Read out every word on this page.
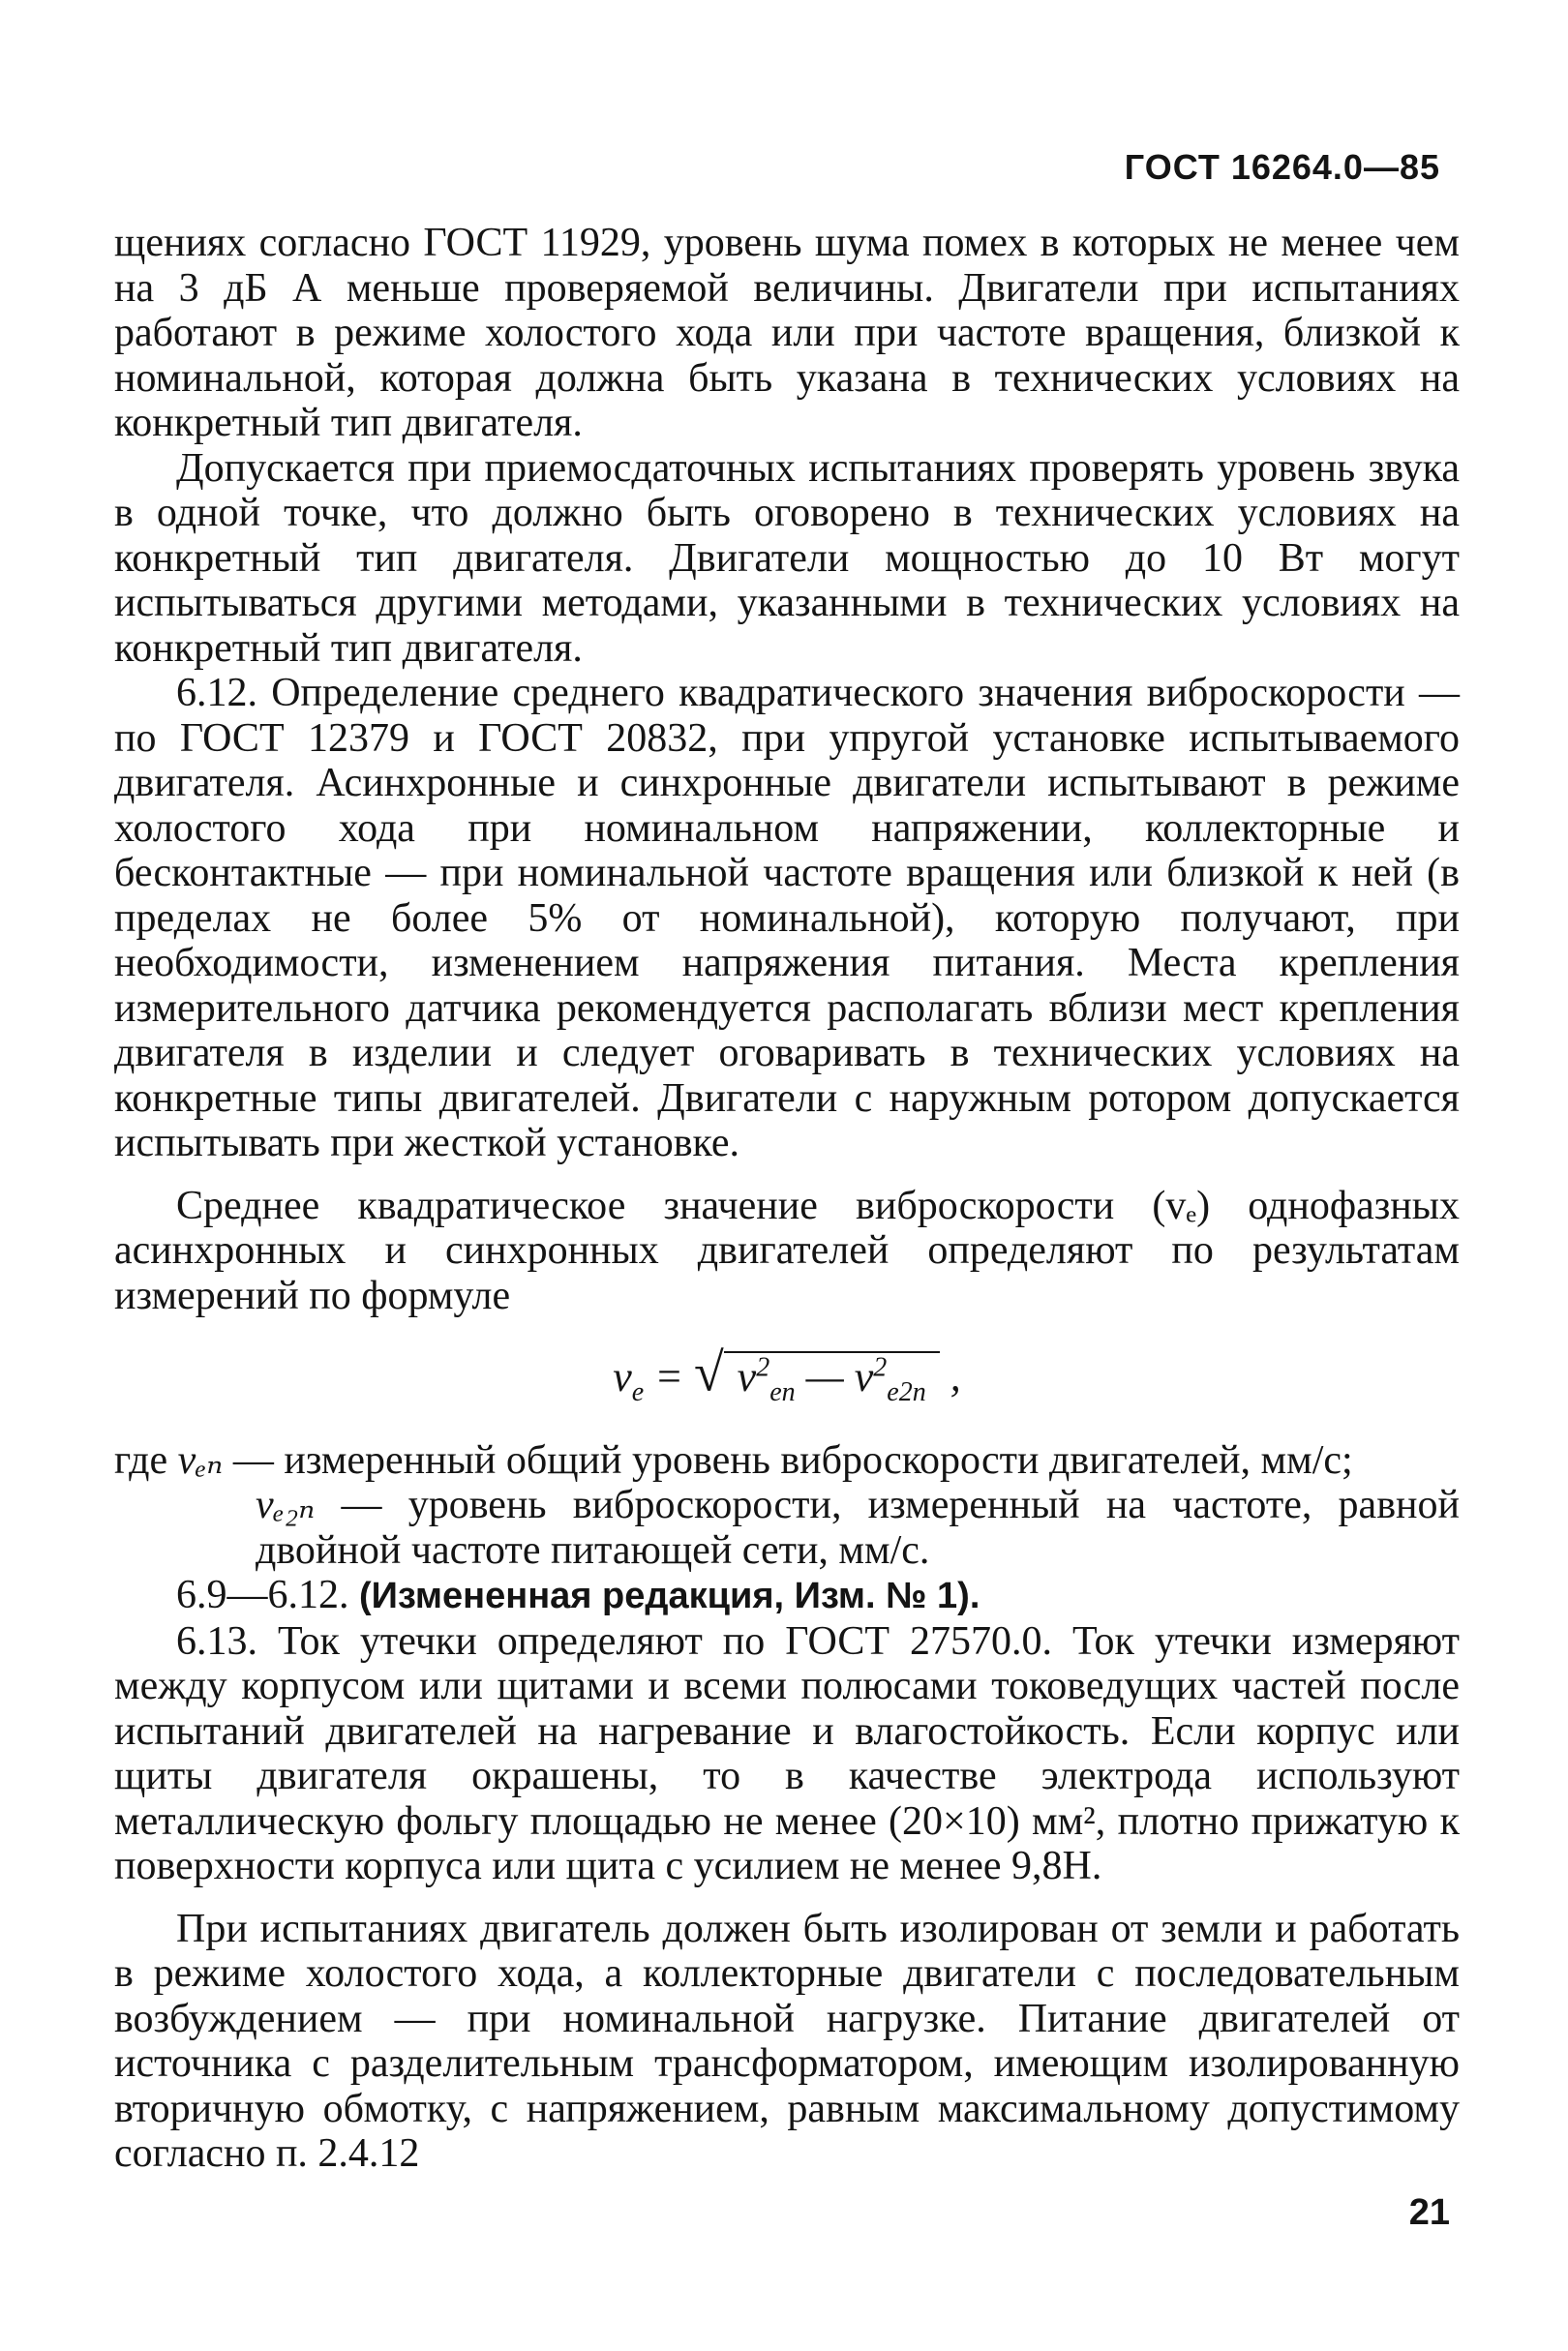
ГОСТ 16264.0—85

щениях согласно ГОСТ 11929, уровень шума помех в которых не менее чем на 3 дБ А меньше проверяемой величины. Двигатели при испытаниях работают в режиме холостого хода или при частоте вращения, близкой к номинальной, которая должна быть указана в технических условиях на конкретный тип двигателя.

Допускается при приемосдаточных испытаниях проверять уровень звука в одной точке, что должно быть оговорено в технических условиях на конкретный тип двигателя. Двигатели мощностью до 10 Вт могут испытываться другими методами, указанными в технических условиях на конкретный тип двигателя.

6.12. Определение среднего квадратического значения виброскорости — по ГОСТ 12379 и ГОСТ 20832, при упругой установке испытываемого двигателя. Асинхронные и синхронные двигатели испытывают в режиме холостого хода при номинальном напряжении, коллекторные и бесконтактные — при номинальной частоте вращения или близкой к ней (в пределах не более 5% от номинальной), которую получают, при необходимости, изменением напряжения питания. Места крепления измерительного датчика рекомендуется располагать вблизи мест крепления двигателя в изделии и следует оговаривать в технических условиях на конкретные типы двигателей. Двигатели с наружным ротором допускается испытывать при жесткой установке.

Среднее квадратическое значение виброскорости (vₑ) однофазных асинхронных и синхронных двигателей определяют по результатам измерений по формуле

$v_е$ = √ $v^2_{еп}$ — $v^2_{е2п}$ ,

где vₑₙ — измеренный общий уровень виброскорости двигателей, мм/с;

vₑ₂ₙ — уровень виброскорости, измеренный на частоте, равной двойной частоте питающей сети, мм/с.

6.9—6.12. (Измененная редакция, Изм. № 1).

6.13. Ток утечки определяют по ГОСТ 27570.0. Ток утечки измеряют между корпусом или щитами и всеми полюсами токоведущих частей после испытаний двигателей на нагревание и влагостойкость. Если корпус или щиты двигателя окрашены, то в качестве электрода используют металлическую фольгу площадью не менее (20×10) мм², плотно прижатую к поверхности корпуса или щита с усилием не менее 9,8Н.

При испытаниях двигатель должен быть изолирован от земли и работать в режиме холостого хода, а коллекторные двигатели с последовательным возбуждением — при номинальной нагрузке. Питание двигателей от источника с разделительным трансформатором, имеющим изолированную вторичную обмотку, с напряжением, равным максимальному допустимому согласно п. 2.4.12

21
